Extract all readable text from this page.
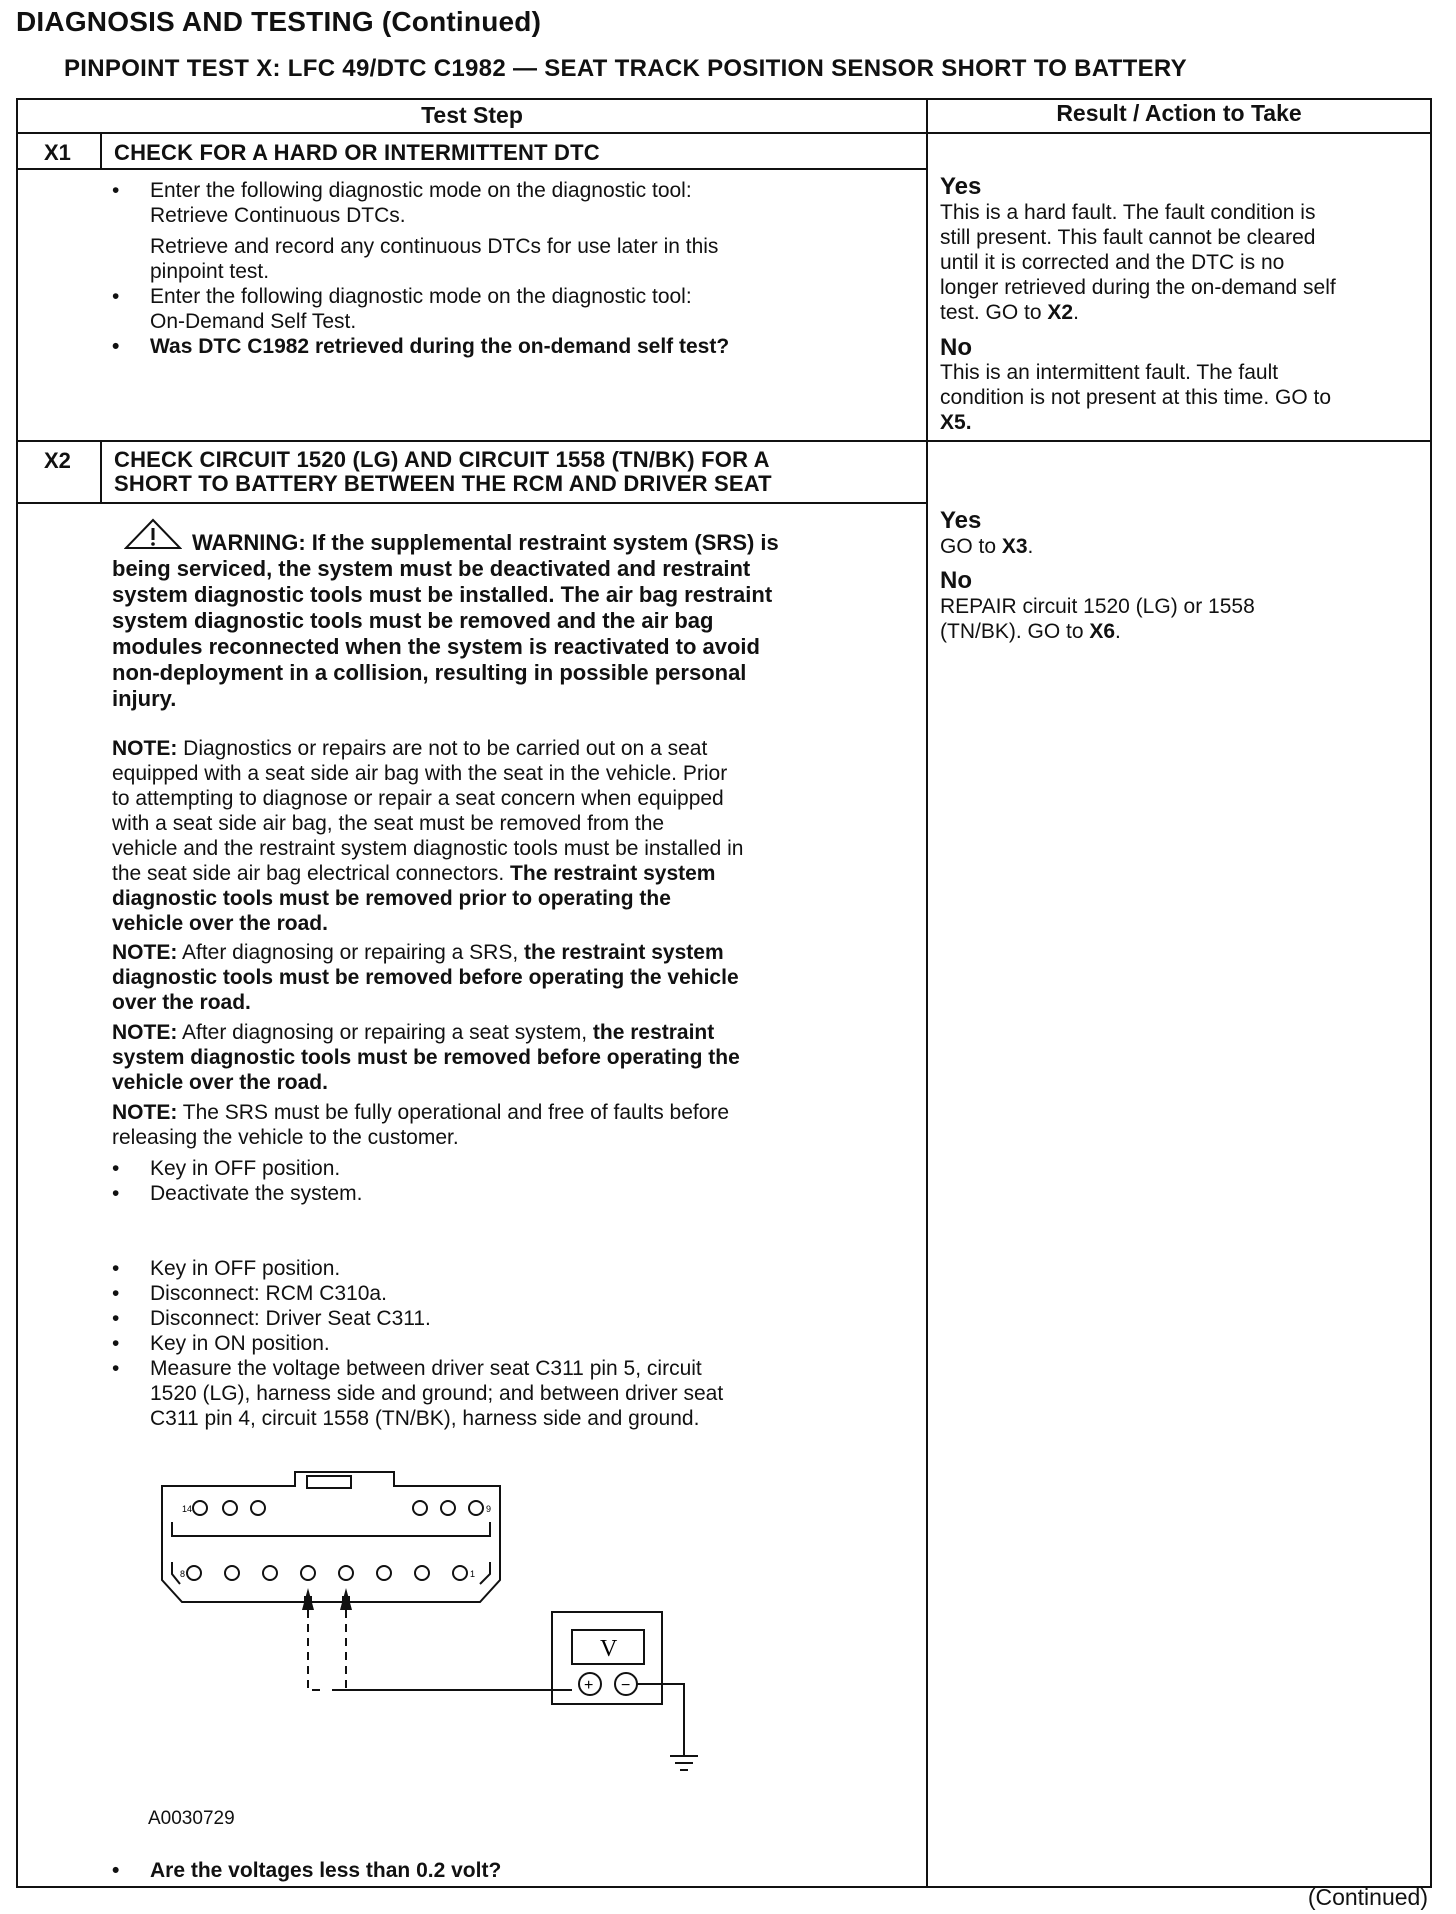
DIAGNOSIS AND TESTING (Continued)
PINPOINT TEST X: LFC 49/DTC C1982 — SEAT TRACK POSITION SENSOR SHORT TO BATTERY
Test Step	Result / Action to Take
X1 CHECK FOR A HARD OR INTERMITTENT DTC
• Enter the following diagnostic mode on the diagnostic tool:
Retrieve Continuous DTCs.
Retrieve and record any continuous DTCs for use later in this
pinpoint test.
• Enter the following diagnostic mode on the diagnostic tool:
On-Demand Self Test.
• Was DTC C1982 retrieved during the on-demand self test?
Yes
This is a hard fault. The fault condition is
still present. This fault cannot be cleared
until it is corrected and the DTC is no
longer retrieved during the on-demand self
test. GO to X2.
No
This is an intermittent fault. The fault
condition is not present at this time. GO to
X5.
X2 CHECK CIRCUIT 1520 (LG) AND CIRCUIT 1558 (TN/BK) FOR A
SHORT TO BATTERY BETWEEN THE RCM AND DRIVER SEAT
WARNING: If the supplemental restraint system (SRS) is
being serviced, the system must be deactivated and restraint
system diagnostic tools must be installed. The air bag restraint
system diagnostic tools must be removed and the air bag
modules reconnected when the system is reactivated to avoid
non-deployment in a collision, resulting in possible personal
injury.
NOTE: Diagnostics or repairs are not to be carried out on a seat
equipped with a seat side air bag with the seat in the vehicle. Prior
to attempting to diagnose or repair a seat concern when equipped
with a seat side air bag, the seat must be removed from the
vehicle and the restraint system diagnostic tools must be installed in
the seat side air bag electrical connectors. The restraint system
diagnostic tools must be removed prior to operating the
vehicle over the road.
NOTE: After diagnosing or repairing a SRS, the restraint system
diagnostic tools must be removed before operating the vehicle
over the road.
NOTE: After diagnosing or repairing a seat system, the restraint
system diagnostic tools must be removed before operating the
vehicle over the road.
NOTE: The SRS must be fully operational and free of faults before
releasing the vehicle to the customer.
• Key in OFF position.
• Deactivate the system.
• Key in OFF position.
• Disconnect: RCM C310a.
• Disconnect: Driver Seat C311.
• Key in ON position.
• Measure the voltage between driver seat C311 pin 5, circuit
1520 (LG), harness side and ground; and between driver seat
C311 pin 4, circuit 1558 (TN/BK), harness side and ground.
14	9
8	1
V
+ −
A0030729
• Are the voltages less than 0.2 volt?
Yes
GO to X3.
No
REPAIR circuit 1520 (LG) or 1558
(TN/BK). GO to X6.
(Continued)
